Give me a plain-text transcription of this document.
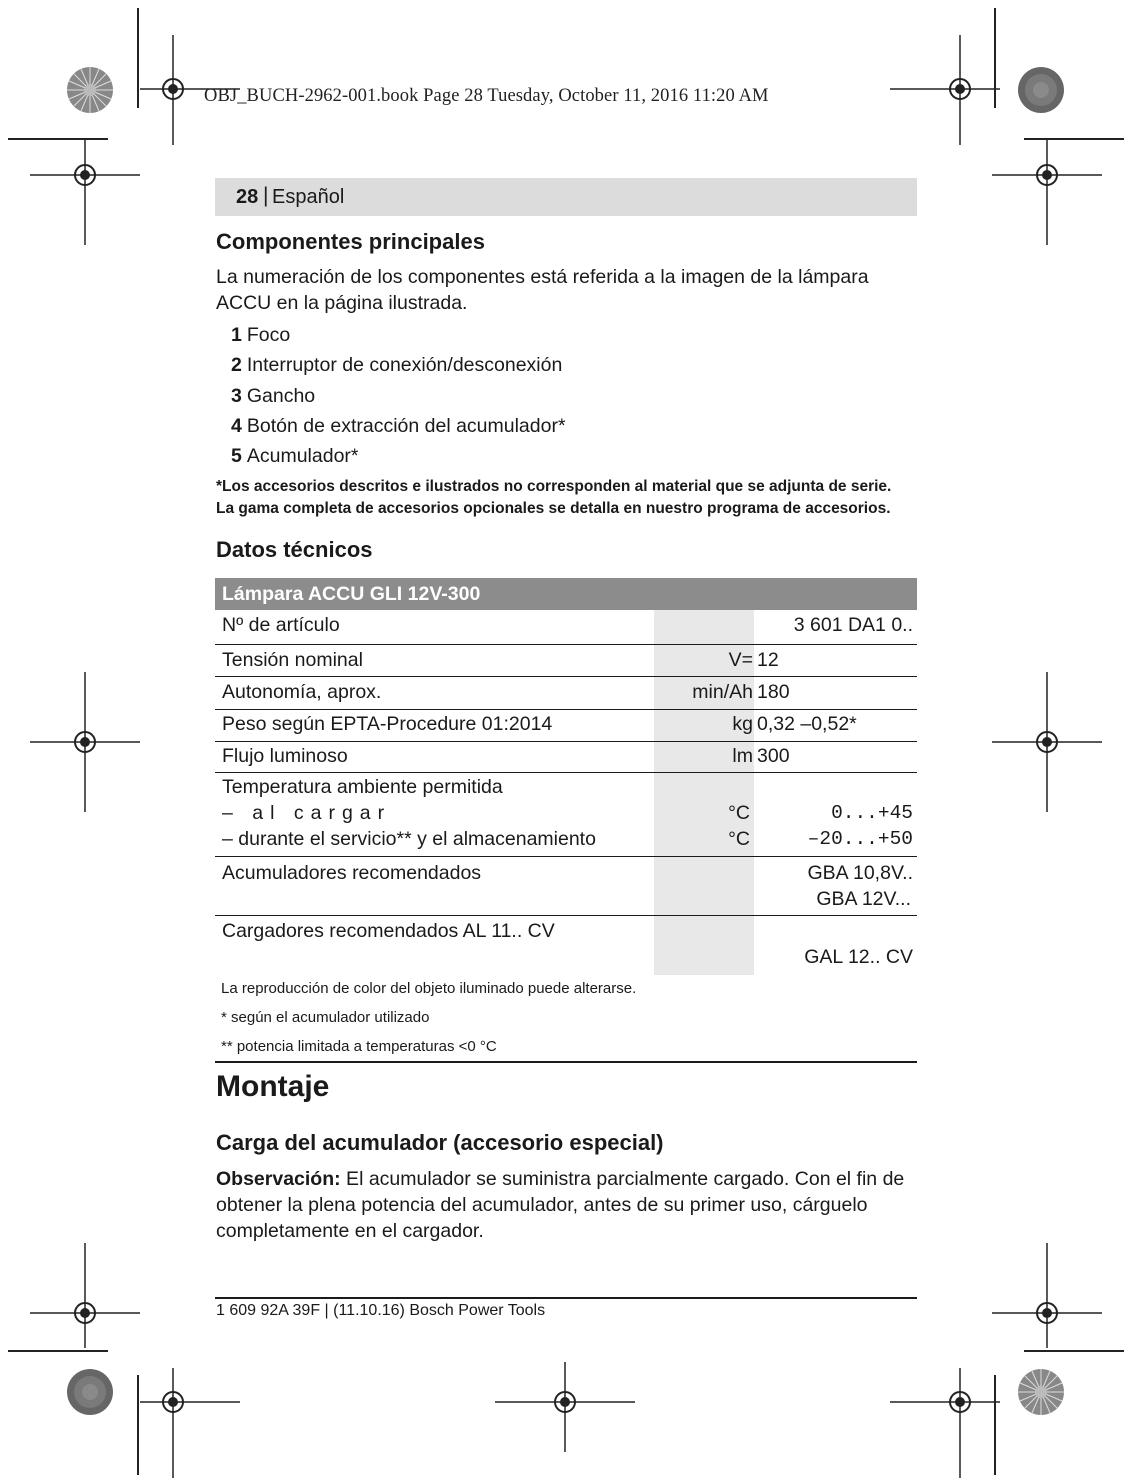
OBJ_BUCH-2962-001.book Page 28 Tuesday, October 11, 2016 11:20 AM
28 | Español
Componentes principales
La numeración de los componentes está referida a la imagen de la lámpara ACCU en la página ilustrada.
1 Foco
2 Interruptor de conexión/desconexión
3 Gancho
4 Botón de extracción del acumulador*
5 Acumulador*
*Los accesorios descritos e ilustrados no corresponden al material que se adjunta de serie.
La gama completa de accesorios opcionales se detalla en nuestro programa de accesorios.
Datos técnicos
Lámpara ACCU GLI 12V-300
Nº de artículo	3 601 DA1 0..
Tensión nominal	V= 12
Autonomía, aprox.	min/Ah 180
Peso según EPTA-Procedure 01:2014	kg 0,32 –0,52*
Flujo luminoso	lm 300
Temperatura ambiente permitida
– al cargar	°C	0...+45
– durante el servicio** y el almacenamiento	°C	–20...+50
Acumuladores recomendados	GBA 10,8V..
GBA 12V...
Cargadores recomendados AL 11.. CV
GAL 12.. CV
La reproducción de color del objeto iluminado puede alterarse.
* según el acumulador utilizado
** potencia limitada a temperaturas <0 °C
Montaje
Carga del acumulador (accesorio especial)
Observación: El acumulador se suministra parcialmente cargado. Con el fin de obtener la plena potencia del acumulador, antes de su primer uso, cárguelo completamente en el cargador.
1 609 92A 39F | (11.10.16) Bosch Power Tools
